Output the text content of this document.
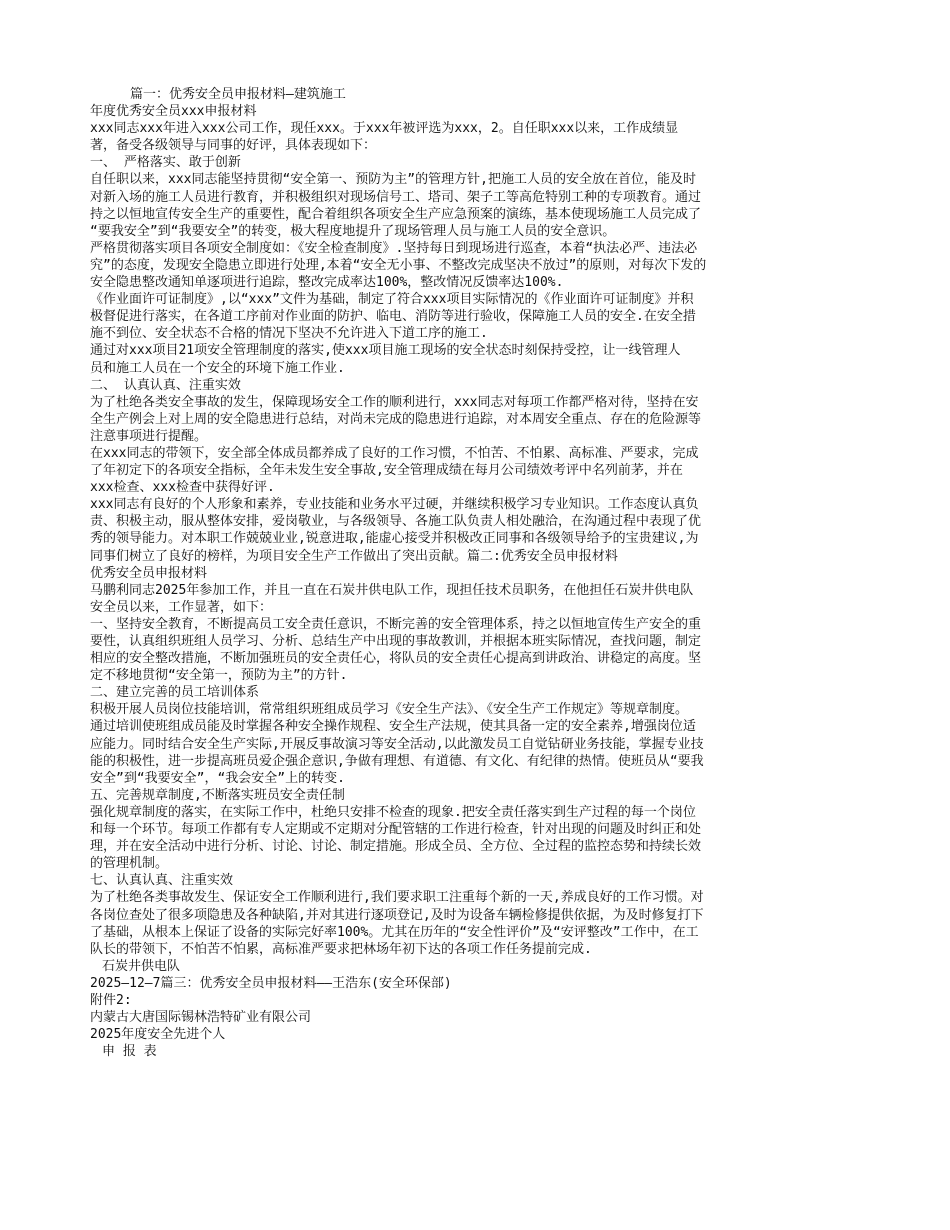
篇一：优秀安全员申报材料—建筑施工

年度优秀安全员xxx申报材料

xxx同志xxx年进入xxx公司工作，现任xxx。于xxx年被评选为xxx，2。自任职xxx以来，工作成绩显

著，备受各级领导与同事的好评，具体表现如下：

一、 严格落实、敢于创新

自任职以来，xxx同志能坚持贯彻“安全第一、预防为主”的管理方针,把施工人员的安全放在首位，能及时

对新入场的施工人员进行教育，并积极组织对现场信号工、塔司、架子工等高危特别工种的专项教育。通过

持之以恒地宣传安全生产的重要性，配合着组织各项安全生产应急预案的演练，基本使现场施工人员完成了

“要我安全”到“我要安全”的转变，极大程度地提升了现场管理人员与施工人员的安全意识。

严格贯彻落实项目各项安全制度如：《安全检查制度》.坚持每日到现场进行巡查，本着“执法必严、违法必

究”的态度，发现安全隐患立即进行处理,本着“安全无小事、不整改完成坚决不放过”的原则，对每次下发的

安全隐患整改通知单逐项进行追踪，整改完成率达100%，整改情况反馈率达100%.

《作业面许可证制度》,以“xxx”文件为基础，制定了符合xxx项目实际情况的《作业面许可证制度》并积

极督促进行落实，在各道工序前对作业面的防护、临电、消防等进行验收，保障施工人员的安全.在安全措

施不到位、安全状态不合格的情况下坚决不允许进入下道工序的施工.

通过对xxx项目21项安全管理制度的落实,使xxx项目施工现场的安全状态时刻保持受控，让一线管理人

员和施工人员在一个安全的环境下施工作业.

二、 认真认真、注重实效

为了杜绝各类安全事故的发生，保障现场安全工作的顺利进行，xxx同志对每项工作都严格对待，坚持在安

全生产例会上对上周的安全隐患进行总结，对尚未完成的隐患进行追踪，对本周安全重点、存在的危险源等

注意事项进行提醒。

在xxx同志的带领下，安全部全体成员都养成了良好的工作习惯，不怕苦、不怕累、高标准、严要求，完成

了年初定下的各项安全指标，全年未发生安全事故,安全管理成绩在每月公司绩效考评中名列前茅，并在

xxx检查、xxx检查中获得好评.

xxx同志有良好的个人形象和素养，专业技能和业务水平过硬，并继续积极学习专业知识。工作态度认真负

责、积极主动，服从整体安排，爱岗敬业，与各级领导、各施工队负责人相处融洽，在沟通过程中表现了优

秀的领导能力。对本职工作兢兢业业,锐意进取,能虚心接受并积极改正同事和各级领导给予的宝贵建议,为

同事们树立了良好的榜样，为项目安全生产工作做出了突出贡献。篇二:优秀安全员申报材料

优秀安全员申报材料

马鹏利同志2025年参加工作，并且一直在石炭井供电队工作，现担任技术员职务，在他担任石炭井供电队

安全员以来，工作显著，如下：

一、坚持安全教育，不断提高员工安全责任意识，不断完善的安全管理体系，持之以恒地宣传生产安全的重

要性，认真组织班组人员学习、分析、总结生产中出现的事故教训，并根据本班实际情况，查找问题，制定

相应的安全整改措施，不断加强班员的安全责任心，将队员的安全责任心提高到讲政治、讲稳定的高度。坚

定不移地贯彻“安全第一，预防为主”的方针.

二、建立完善的员工培训体系

积极开展人员岗位技能培训，常常组织班组成员学习《安全生产法》、《安全生产工作规定》等规章制度。

通过培训使班组成员能及时掌握各种安全操作规程、安全生产法规，使其具备一定的安全素养,增强岗位适

应能力。同时结合安全生产实际,开展反事故演习等安全活动,以此激发员工自觉钻研业务技能，掌握专业技

能的积极性，进一步提高班员爱企强企意识,争做有理想、有道德、有文化、有纪律的热情。使班员从“要我

安全”到“我要安全”，“我会安全”上的转变.

五、完善规章制度,不断落实班员安全责任制

强化规章制度的落实，在实际工作中，杜绝只安排不检查的现象.把安全责任落实到生产过程的每一个岗位

和每一个环节。每项工作都有专人定期或不定期对分配管辖的工作进行检查，针对出现的问题及时纠正和处

理，并在安全活动中进行分析、讨论、讨论、制定措施。形成全员、全方位、全过程的监控态势和持续长效

的管理机制。

七、认真认真、注重实效

为了杜绝各类事故发生、保证安全工作顺利进行,我们要求职工注重每个新的一天,养成良好的工作习惯。对

各岗位查处了很多项隐患及各种缺陷,并对其进行逐项登记,及时为设备车辆检修提供依据，为及时修复打下

了基础，从根本上保证了设备的实际完好率100%。尤其在历年的“安全性评价”及“安评整改”工作中，在工

队长的带领下，不怕苦不怕累，高标准严要求把林场年初下达的各项工作任务提前完成.

石炭井供电队

2025—12—7篇三：优秀安全员申报材料——王浩东(安全环保部)

附件2:

内蒙古大唐国际锡林浩特矿业有限公司

2025年度安全先进个人

申 报 表
